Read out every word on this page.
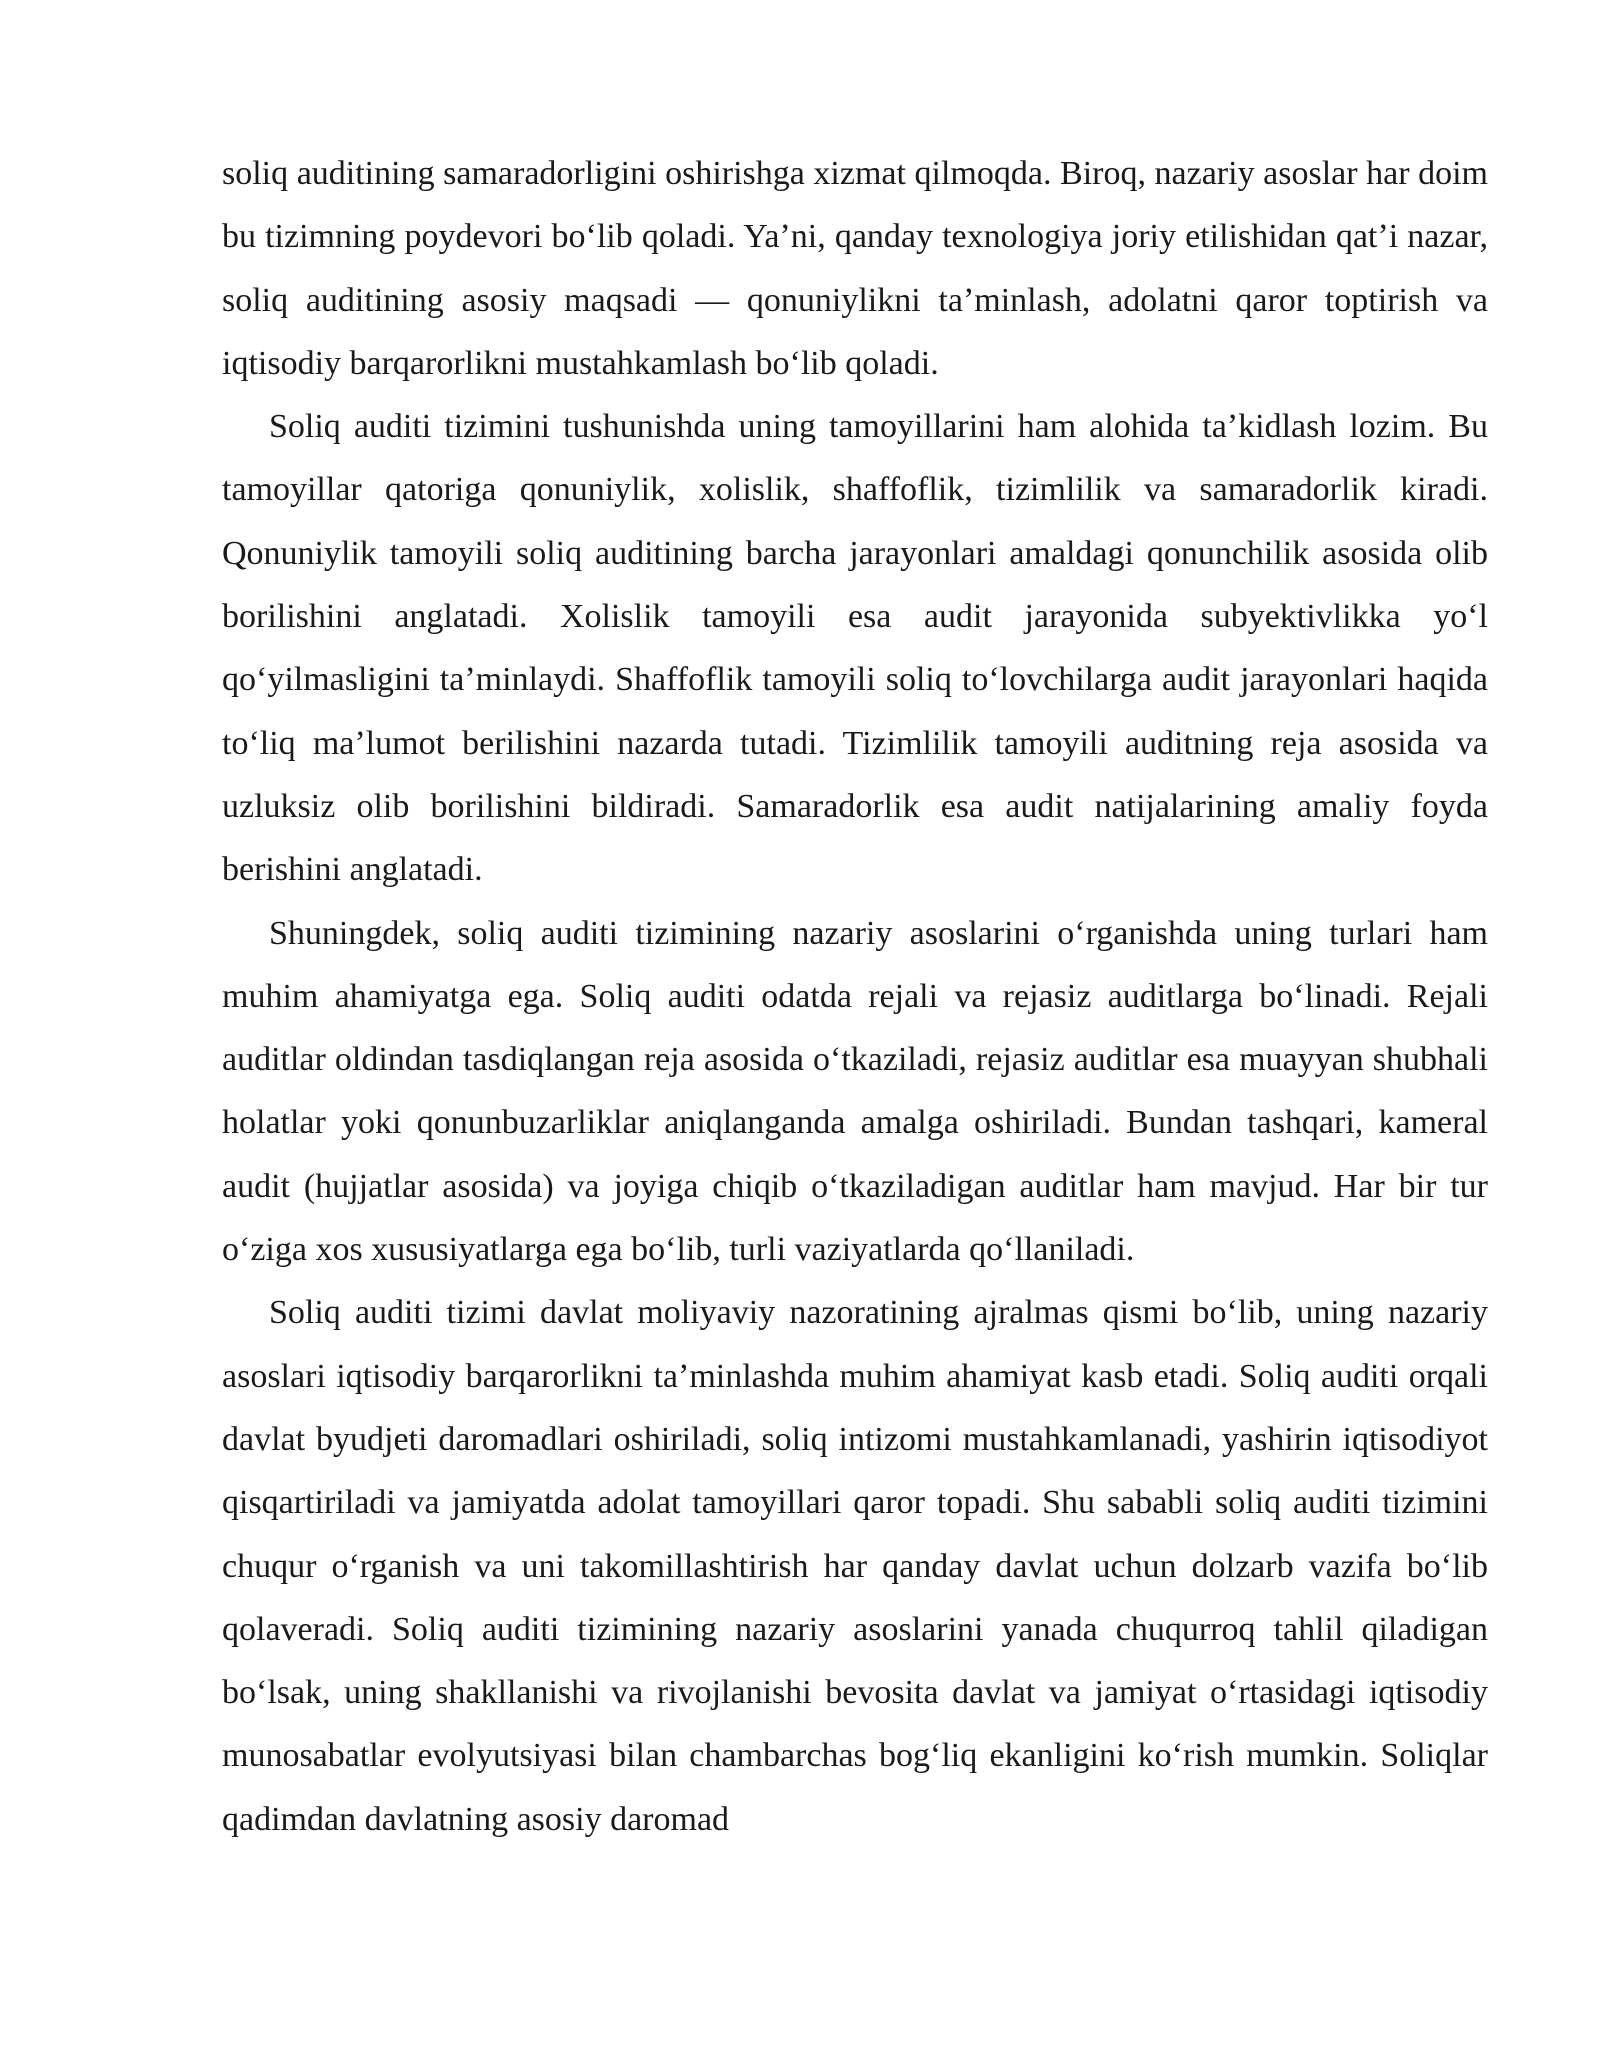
soliq auditining samaradorligini oshirishga xizmat qilmoqda. Biroq, nazariy asoslar har doim bu tizimning poydevori boʻlib qoladi. Yaʼni, qanday texnologiya joriy etilishidan qatʼi nazar, soliq auditining asosiy maqsadi — qonuniylikni taʼminlash, adolatni qaror toptirish va iqtisodiy barqarorlikni mustahkamlash boʻlib qoladi.

Soliq auditi tizimini tushunishda uning tamoyillarini ham alohida taʼkidlash lozim. Bu tamoyillar qatoriga qonuniylik, xolislik, shaffoflik, tizimlilik va samaradorlik kiradi. Qonuniylik tamoyili soliq auditining barcha jarayonlari amaldagi qonunchilik asosida olib borilishini anglatadi. Xolislik tamoyili esa audit jarayonida subyektivlikka yoʻl qoʻyilmasligini taʼminlaydi. Shaffoflik tamoyili soliq toʻlovchilarga audit jarayonlari haqida toʻliq maʼlumot berilishini nazarda tutadi. Tizimlilik tamoyili auditning reja asosida va uzluksiz olib borilishini bildiradi. Samaradorlik esa audit natijalarining amaliy foyda berishini anglatadi.

Shuningdek, soliq auditi tizimining nazariy asoslarini oʻrganishda uning turlari ham muhim ahamiyatga ega. Soliq auditi odatda rejali va rejasiz auditlarga boʻlinadi. Rejali auditlar oldindan tasdiqlangan reja asosida oʻtkaziladi, rejasiz auditlar esa muayyan shubhali holatlar yoki qonunbuzarliklar aniqlanganda amalga oshiriladi. Bundan tashqari, kameral audit (hujjatlar asosida) va joyiga chiqib oʻtkaziladigan auditlar ham mavjud. Har bir tur oʻziga xos xususiyatlarga ega boʻlib, turli vaziyatlarda qoʻllaniladi.

Soliq auditi tizimi davlat moliyaviy nazoratining ajralmas qismi boʻlib, uning nazariy asoslari iqtisodiy barqarorlikni taʼminlashda muhim ahamiyat kasb etadi. Soliq auditi orqali davlat byudjeti daromadlari oshiriladi, soliq intizomi mustahkamlanadi, yashirin iqtisodiyot qisqartiriladi va jamiyatda adolat tamoyillari qaror topadi. Shu sababli soliq auditi tizimini chuqur oʻrganish va uni takomillashtirish har qanday davlat uchun dolzarb vazifa boʻlib qolaveradi. Soliq auditi tizimining nazariy asoslarini yanada chuqurroq tahlil qiladigan boʻlsak, uning shakllanishi va rivojlanishi bevosita davlat va jamiyat oʻrtasidagi iqtisodiy munosabatlar evolyutsiyasi bilan chambarchas bogʻliq ekanligini koʻrish mumkin. Soliqlar qadimdan davlatning asosiy daromad
